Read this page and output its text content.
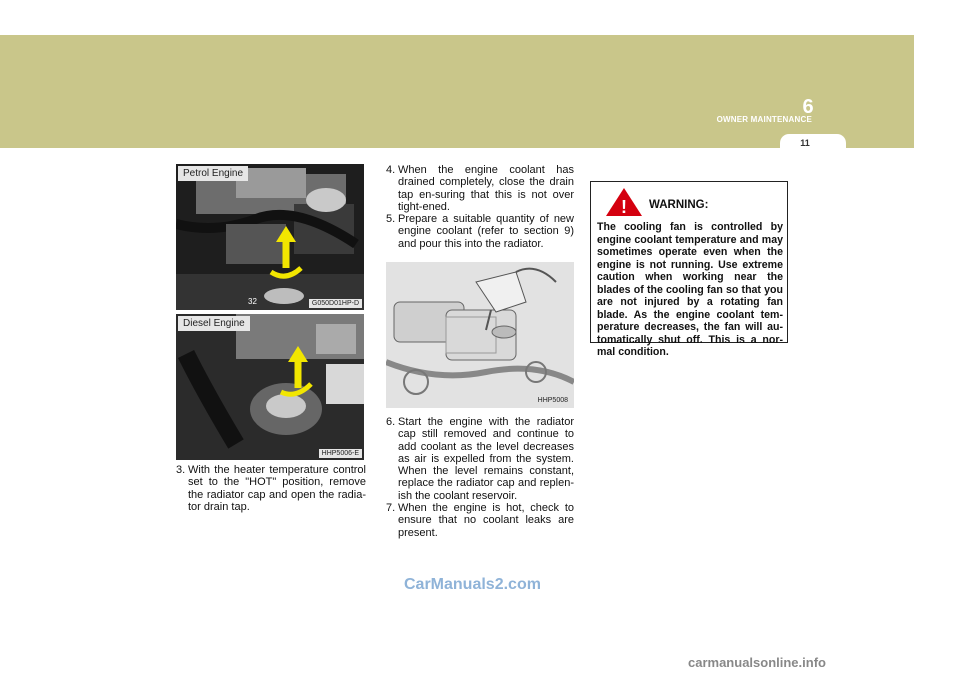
OWNER MAINTENANCE
6
11
32
Petrol Engine
G050D01HP-D
Diesel Engine
HHP5006-E
3. With the heater temperature control set to the "HOT" position, remove the radiator cap and open the radia-tor drain tap.
4. When the engine coolant has drained completely, close the drain tap en-suring that this is not over tight-ened.
5. Prepare a suitable quantity of new engine coolant (refer to section 9) and pour this into the radiator.
HHP5008
6. Start the engine with the radiator cap still removed and continue to add coolant as the level decreases as air is expelled from the system. When the level remains constant, replace the radiator cap and replen-ish the coolant reservoir.
7. When the engine is hot, check to ensure that no coolant leaks are present.
! WARNING:
The cooling fan is controlled by engine coolant temperature and may sometimes operate even when the engine is not running. Use extreme caution when working near the blades of the cooling fan so that you are not injured by a rotating fan blade. As the engine coolant tem-perature decreases, the fan will au-tomatically shut off. This is a nor-mal condition.
CarManuals2.com
carmanualsonline.info
